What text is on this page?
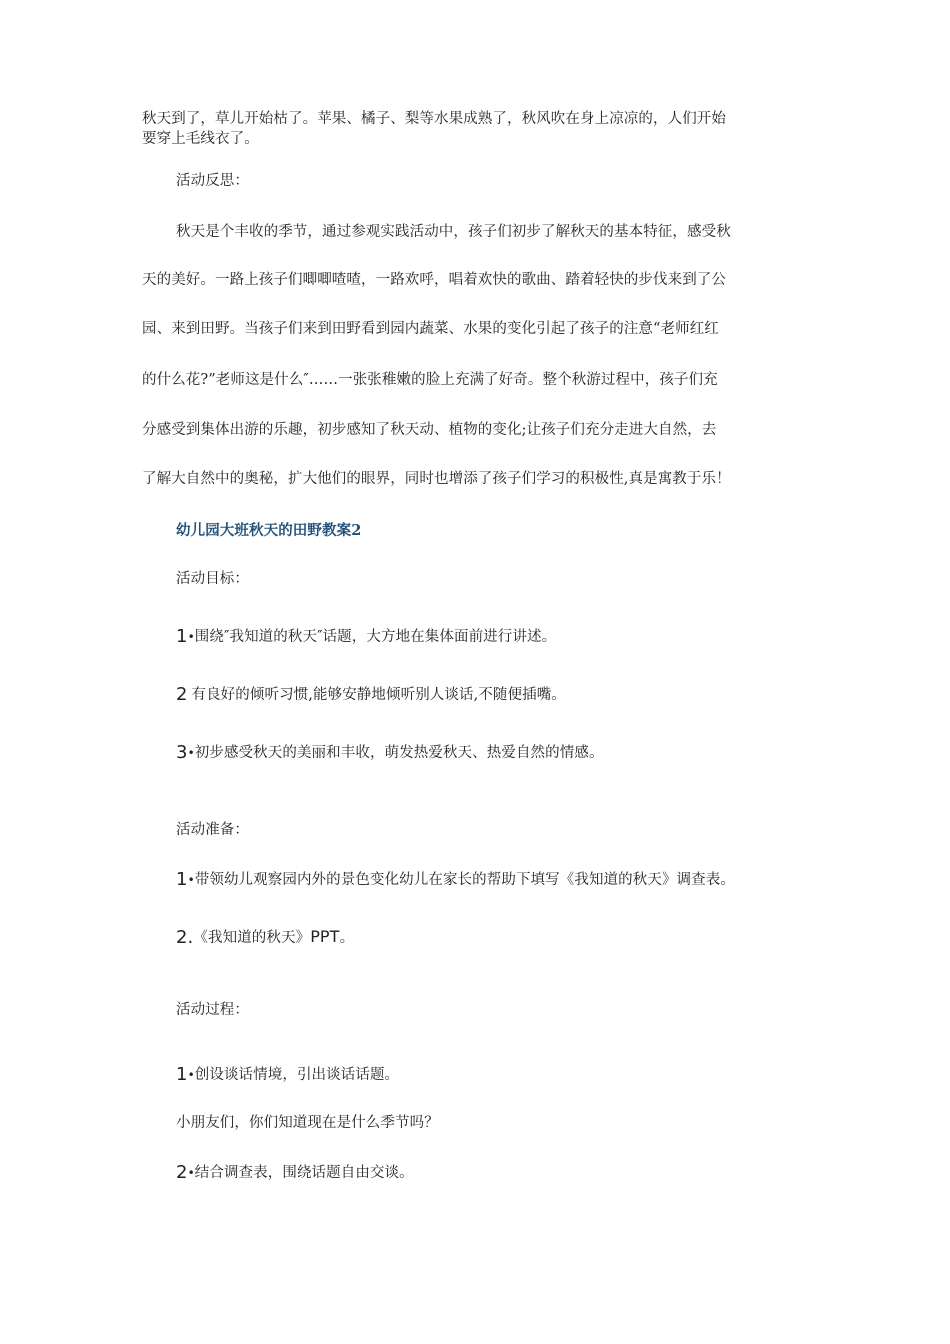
秋天到了，草儿开始枯了。苹果、橘子、梨等水果成熟了，秋风吹在身上凉凉的，人们开始
要穿上毛线衣了。
活动反思：
秋天是个丰收的季节，通过参观实践活动中，孩子们初步了解秋天的基本特征，感受秋
天的美好。一路上孩子们唧唧喳喳，一路欢呼，唱着欢快的歌曲、踏着轻快的步伐来到了公
园、来到田野。当孩子们来到田野看到园内蔬菜、水果的变化引起了孩子的注意“老师红红
的什么花?”老师这是什么″……一张张稚嫩的脸上充满了好奇。整个秋游过程中，孩子们充
分感受到集体出游的乐趣，初步感知了秋天动、植物的变化;让孩子们充分走进大自然，去
了解大自然中的奥秘，扩大他们的眼界，同时也增添了孩子们学习的积极性,真是寓教于乐！
幼儿园大班秋天的田野教案2
活动目标：
1•围绕″我知道的秋天″话题，大方地在集体面前进行讲述。
2 有良好的倾听习惯,能够安静地倾听别人谈话,不随便插嘴。
3•初步感受秋天的美丽和丰收，萌发热爱秋天、热爱自然的情感。
活动准备：
1•带领幼儿观察园内外的景色变化幼儿在家长的帮助下填写《我知道的秋天》调查表。
2.《我知道的秋天》PPT。
活动过程：
1•创设谈话情境，引出谈话话题。
小朋友们，你们知道现在是什么季节吗？
2•结合调查表，围绕话题自由交谈。
